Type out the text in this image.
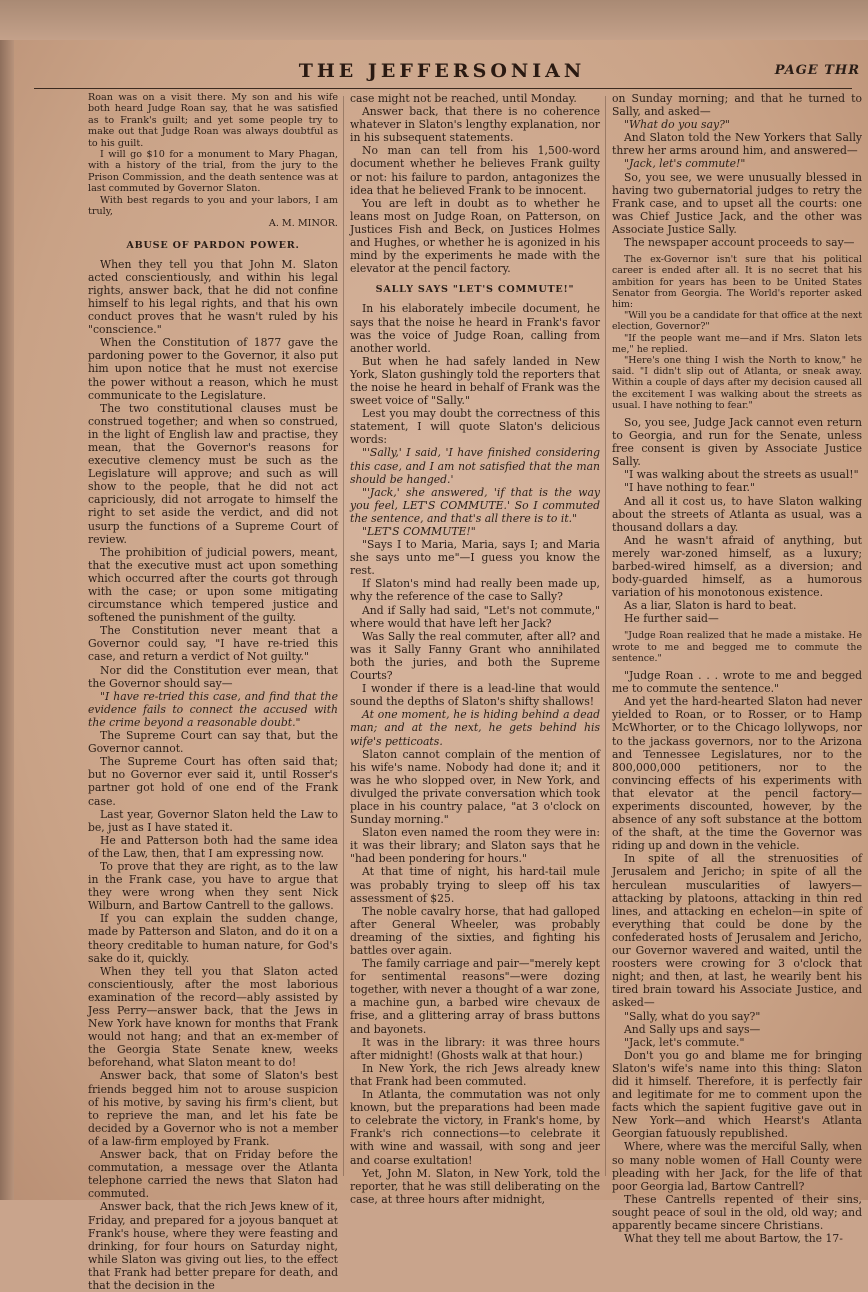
THE JEFFERSONIAN	PAGE THR

Roan was on a visit there. My son and his wife both heard Judge Roan say, that he was satisfied as to Frank's guilt; and yet some people try to make out that Judge Roan was always doubtful as to his guilt.

I will go $10 for a monument to Mary Phagan, with a history of the trial, from the jury to the Prison Commission, and the death sentence was at last commuted by Governor Slaton.

With best regards to you and your labors, I am truly,

A. M. MINOR.

ABUSE OF PARDON POWER.

When they tell you that John M. Slaton acted conscientiously, and within his legal rights, answer back, that he did not confine himself to his legal rights, and that his own conduct proves that he wasn't ruled by his "conscience."

When the Constitution of 1877 gave the pardoning power to the Governor, it also put him upon notice that he must not exercise the power without a reason, which he must communicate to the Legislature.

The two constitutional clauses must be construed together; and when so construed, in the light of English law and practise, they mean, that the Governor's reasons for executive clemency must be such as the Legislature will approve; and such as will show to the people, that he did not act capriciously, did not arrogate to himself the right to set aside the verdict, and did not usurp the functions of a Supreme Court of review.

The prohibition of judicial powers, meant, that the executive must act upon something which occurred after the courts got through with the case; or upon some mitigating circumstance which tempered justice and softened the punishment of the guilty.

The Constitution never meant that a Governor could say, "I have re-tried this case, and return a verdict of Not guilty."

Nor did the Constitution ever mean, that the Governor should say—

"I have re-tried this case, and find that the evidence fails to connect the accused with the crime beyond a reasonable doubt."

The Supreme Court can say that, but the Governor cannot.

The Supreme Court has often said that; but no Governor ever said it, until Rosser's partner got hold of one end of the Frank case.

Last year, Governor Slaton held the Law to be, just as I have stated it.

He and Patterson both had the same idea of the Law, then, that I am expressing now.

To prove that they are right, as to the law in the Frank case, you have to argue that they were wrong when they sent Nick Wilburn, and Bartow Cantrell to the gallows.

If you can explain the sudden change, made by Patterson and Slaton, and do it on a theory creditable to human nature, for God's sake do it, quickly.

When they tell you that Slaton acted conscientiously, after the most laborious examination of the record—ably assisted by Jess Perry—answer back, that the Jews in New York have known for months that Frank would not hang; and that an ex-member of the Georgia State Senate knew, weeks beforehand, what Slaton meant to do!

Answer back, that some of Slaton's best friends begged him not to arouse suspicion of his motive, by saving his firm's client, but to reprieve the man, and let his fate be decided by a Governor who is not a member of a law-firm employed by Frank.

Answer back, that on Friday before the commutation, a message over the Atlanta telephone carried the news that Slaton had commuted.

Answer back, that the rich Jews knew of it, Friday, and prepared for a joyous banquet at Frank's house, where they were feasting and drinking, for four hours on Saturday night, while Slaton was giving out lies, to the effect that Frank had better prepare for death, and that the decision in the

case might not be reached, until Monday.

Answer back, that there is no coherence whatever in Slaton's lengthy explanation, nor in his subsequent statements.

No man can tell from his 1,500-word document whether he believes Frank guilty or not: his failure to pardon, antagonizes the idea that he believed Frank to be innocent.

You are left in doubt as to whether he leans most on Judge Roan, on Patterson, on Justices Fish and Beck, on Justices Holmes and Hughes, or whether he is agonized in his mind by the experiments he made with the elevator at the pencil factory.

SALLY SAYS "LET'S COMMUTE!"

In his elaborately imbecile document, he says that the noise he heard in Frank's favor was the voice of Judge Roan, calling from another world.

But when he had safely landed in New York, Slaton gushingly told the reporters that the noise he heard in behalf of Frank was the sweet voice of "Sally."

Lest you may doubt the correctness of this statement, I will quote Slaton's delicious words:

"'Sally,' I said, 'I have finished considering this case, and I am not satisfied that the man should be hanged.'

"'Jack,' she answered, 'if that is the way you feel, LET'S COMMUTE.' So I commuted the sentence, and that's all there is to it."

"LET'S COMMUTE!"

"Says I to Maria, Maria, says I; and Maria she says unto me"—I guess you know the rest.

If Slaton's mind had really been made up, why the reference of the case to Sally?

And if Sally had said, "Let's not commute," where would that have left her Jack?

Was Sally the real commuter, after all? and was it Sally Fanny Grant who annihilated both the juries, and both the Supreme Courts?

I wonder if there is a lead-line that would sound the depths of Slaton's shifty shallows!

At one moment, he is hiding behind a dead man; and at the next, he gets behind his wife's petticoats.

Slaton cannot complain of the mention of his wife's name. Nobody had done it; and it was he who slopped over, in New York, and divulged the private conversation which took place in his country palace, "at 3 o'clock on Sunday morning."

Slaton even named the room they were in: it was their library; and Slaton says that he "had been pondering for hours."

At that time of night, his hard-tail mule was probably trying to sleep off his tax assessment of $25.

The noble cavalry horse, that had galloped after General Wheeler, was probably dreaming of the sixties, and fighting his battles over again.

The family carriage and pair—"merely kept for sentimental reasons"—were dozing together, with never a thought of a war zone, a machine gun, a barbed wire chevaux de frise, and a glittering array of brass buttons and bayonets.

It was in the library: it was three hours after midnight! (Ghosts walk at that hour.)

In New York, the rich Jews already knew that Frank had been commuted.

In Atlanta, the commutation was not only known, but the preparations had been made to celebrate the victory, in Frank's home, by Frank's rich connections—to celebrate it with wine and wassail, with song and jeer and coarse exultation!

Yet, John M. Slaton, in New York, told the reporter, that he was still deliberating on the case, at three hours after midnight,

on Sunday morning; and that he turned to Sally, and asked—

"What do you say?"

And Slaton told the New Yorkers that Sally threw her arms around him, and answered—

"Jack, let's commute!"

So, you see, we were unusually blessed in having two gubernatorial judges to retry the Frank case, and to upset all the courts: one was Chief Justice Jack, and the other was Associate Justice Sally.

The newspaper account proceeds to say—

The ex-Governor isn't sure that his political career is ended after all. It is no secret that his ambition for years has been to be United States Senator from Georgia. The World's reporter asked him:

"Will you be a candidate for that office at the next election, Governor?"

"If the people want me—and if Mrs. Slaton lets me," he replied.

"Here's one thing I wish the North to know," he said. "I didn't slip out of Atlanta, or sneak away. Within a couple of days after my decision caused all the excitement I was walking about the streets as usual. I have nothing to fear."

So, you see, Judge Jack cannot even return to Georgia, and run for the Senate, unless free consent is given by Associate Justice Sally.

"I was walking about the streets as usual!"

"I have nothing to fear."

And all it cost us, to have Slaton walking about the streets of Atlanta as usual, was a thousand dollars a day.

And he wasn't afraid of anything, but merely war-zoned himself, as a luxury; barbed-wired himself, as a diversion; and body-guarded himself, as a humorous variation of his monotonous existence.

As a liar, Slaton is hard to beat.

He further said—

"Judge Roan realized that he made a mistake. He wrote to me and begged me to commute the sentence."

"Judge Roan . . . wrote to me and begged me to commute the sentence."

And yet the hard-hearted Slaton had never yielded to Roan, or to Rosser, or to Hamp McWhorter, or to the Chicago lollywops, nor to the jackass governors, nor to the Arizona and Tennessee Legislatures, nor to the 800,000,000 petitioners, nor to the convincing effects of his experiments with that elevator at the pencil factory—experiments discounted, however, by the absence of any soft substance at the bottom of the shaft, at the time the Governor was riding up and down in the vehicle.

In spite of all the strenuosities of Jerusalem and Jericho; in spite of all the herculean muscularities of lawyers—attacking by platoons, attacking in thin red lines, and attacking en echelon—in spite of everything that could be done by the confederated hosts of Jerusalem and Jericho, our Governor wavered and waited, until the roosters were crowing for 3 o'clock that night; and then, at last, he wearily bent his tired brain toward his Associate Justice, and asked—

"Sally, what do you say?"

And Sally ups and says—

"Jack, let's commute."

Don't you go and blame me for bringing Slaton's wife's name into this thing: Slaton did it himself. Therefore, it is perfectly fair and legitimate for me to comment upon the facts which the sapient fugitive gave out in New York—and which Hearst's Atlanta Georgian fatuously republished.

Where, where was the merciful Sally, when so many noble women of Hall County were pleading with her Jack, for the life of that poor Georgia lad, Bartow Cantrell?

These Cantrells repented of their sins, sought peace of soul in the old, old way; and apparently became sincere Christians.

What they tell me about Bartow, the 17-
